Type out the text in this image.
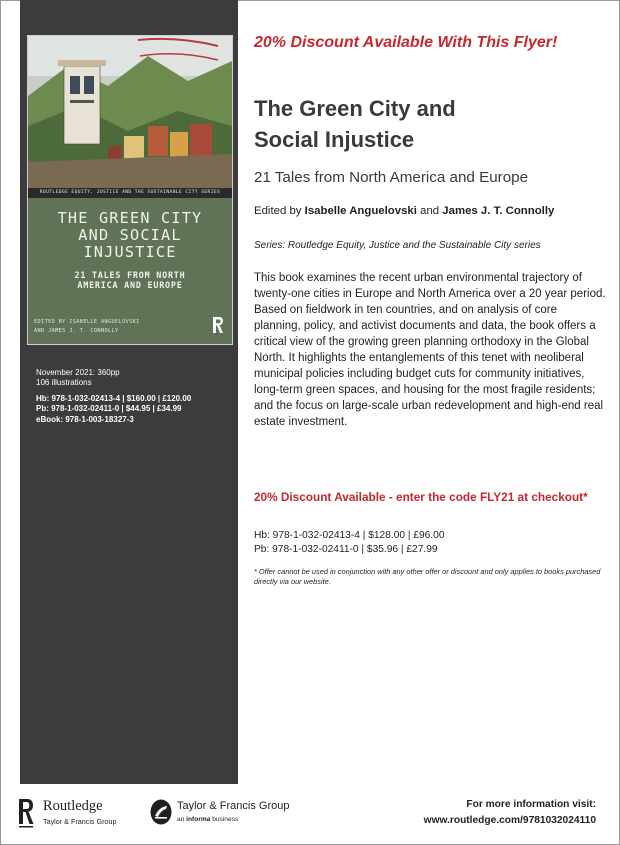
ROUTLEDGE EQUITY, JUSTICE AND THE SUSTAINABLE CITY SERIES
THE GREEN CITY
AND SOCIAL
INJUSTICE
21 TALES FROM NORTH
AMERICA AND EUROPE
EDITED BY ISABELLE ANGUELOVSKI
AND JAMES J. T. CONNOLLY
November 2021: 360pp
106 illustrations
Hb: 978-1-032-02413-4 | $160.00 | £120.00
Pb: 978-1-032-02411-0 | $44.95 | £34.99
eBook: 978-1-003-18327-3
20% Discount Available With This Flyer!
The Green City and
Social Injustice
21 Tales from North America and Europe
Edited by Isabelle Anguelovski and James J. T. Connolly
Series: Routledge Equity, Justice and the Sustainable City series

This book examines the recent urban environmental trajectory of twenty-one cities in Europe and North America over a 20 year period. Based on fieldwork in ten countries, and on analysis of core planning, policy, and activist documents and data, the book offers a critical view of the growing green planning orthodoxy in the Global North. It highlights the entanglements of this tenet with neoliberal municipal policies including budget cuts for community initiatives, long-term green spaces, and housing for the most fragile residents; and the focus on large-scale urban redevelopment and high-end real estate investment.

20% Discount Available - enter the code FLY21 at checkout*
Hb: 978-1-032-02413-4 | $128.00 | £96.00
Pb: 978-1-032-02411-0 | $35.96 | £27.99

* Offer cannot be used in conjunction with any other offer or discount and only applies to books purchased directly via our website.

Routledge
Taylor & Francis Group
Taylor & Francis Group
an informa business
For more information visit:
www.routledge.com/9781032024110
